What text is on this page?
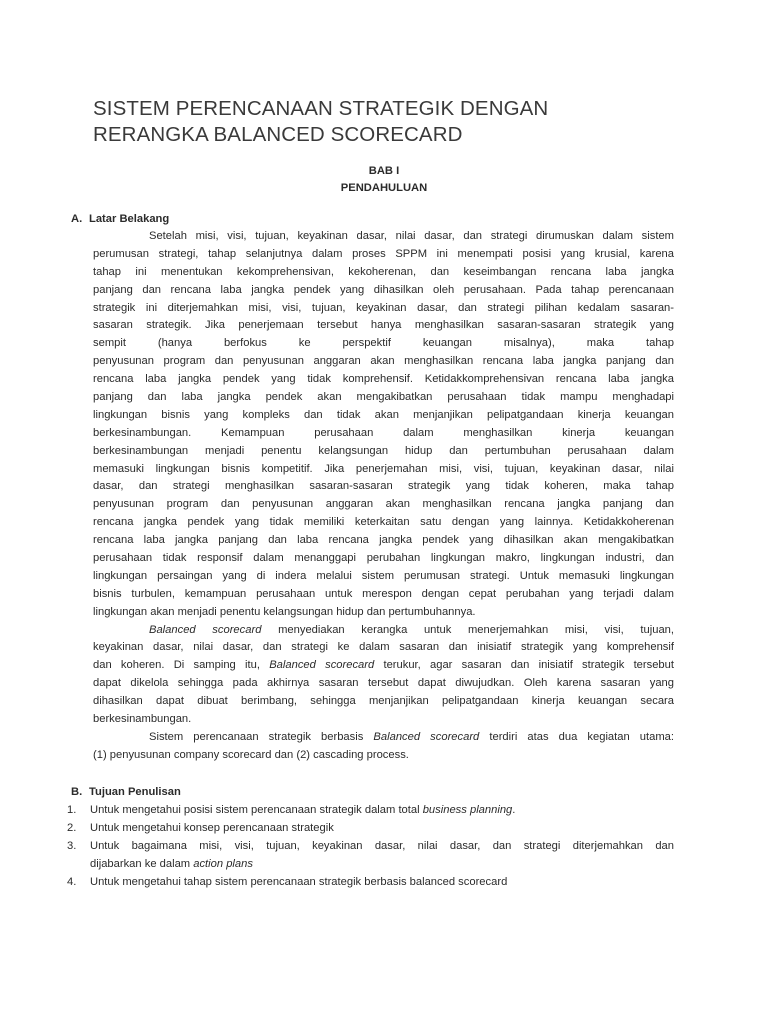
SISTEM PERENCANAAN STRATEGIK DENGAN
RERANGKA BALANCED SCORECARD
BAB I
PENDAHULUAN
A. Latar Belakang
Setelah misi, visi, tujuan, keyakinan dasar, nilai dasar, dan strategi dirumuskan dalam sistem
perumusan strategi, tahap selanjutnya dalam proses SPPM ini menempati posisi yang krusial, karena
tahap ini menentukan kekomprehensivan, kekoherenan, dan keseimbangan rencana laba jangka
panjang dan rencana laba jangka pendek yang dihasilkan oleh perusahaan. Pada tahap perencanaan
strategik ini diterjemahkan misi, visi, tujuan, keyakinan dasar, dan strategi pilihan kedalam sasaran-
sasaran strategik. Jika penerjemaan tersebut hanya menghasilkan sasaran-sasaran strategik yang
sempit (hanya berfokus ke perspektif keuangan misalnya), maka tahap
penyusunan program dan penyusunan anggaran akan menghasilkan rencana laba jangka panjang dan
rencana laba jangka pendek yang tidak komprehensif. Ketidakkomprehensivan rencana laba jangka
panjang dan laba jangka pendek akan mengakibatkan perusahaan tidak mampu menghadapi
lingkungan bisnis yang kompleks dan tidak akan menjanjikan pelipatgandaan kinerja keuangan
berkesinambungan. Kemampuan perusahaan dalam menghasilkan kinerja keuangan
berkesinambungan menjadi penentu kelangsungan hidup dan pertumbuhan perusahaan dalam
memasuki lingkungan bisnis kompetitif. Jika penerjemahan misi, visi, tujuan, keyakinan dasar, nilai
dasar, dan strategi menghasilkan sasaran-sasaran strategik yang tidak koheren, maka tahap
penyusunan program dan penyusunan anggaran akan menghasilkan rencana jangka panjang dan
rencana jangka pendek yang tidak memiliki keterkaitan satu dengan yang lainnya. Ketidakkoherenan
rencana laba jangka panjang dan laba rencana jangka pendek yang dihasilkan akan mengakibatkan
perusahaan tidak responsif dalam menanggapi perubahan lingkungan makro, lingkungan industri, dan
lingkungan persaingan yang di indera melalui sistem perumusan strategi. Untuk memasuki lingkungan
bisnis turbulen, kemampuan perusahaan untuk merespon dengan cepat perubahan yang terjadi dalam
lingkungan akan menjadi penentu kelangsungan hidup dan pertumbuhannya.
Balanced scorecard menyediakan kerangka untuk menerjemahkan misi, visi, tujuan,
keyakinan dasar, nilai dasar, dan strategi ke dalam sasaran dan inisiatif strategik yang komprehensif
dan koheren. Di samping itu, Balanced scorecard terukur, agar sasaran dan inisiatif strategik tersebut
dapat dikelola sehingga pada akhirnya sasaran tersebut dapat diwujudkan. Oleh karena sasaran yang
dihasilkan dapat dibuat berimbang, sehingga menjanjikan pelipatgandaan kinerja keuangan secara
berkesinambungan.
Sistem perencanaan strategik berbasis Balanced scorecard terdiri atas dua kegiatan utama:
(1) penyusunan company scorecard dan (2) cascading process.
B. Tujuan Penulisan
1. Untuk mengetahui posisi sistem perencanaan strategik dalam total business planning.
2. Untuk mengetahui konsep perencanaan strategik
3. Untuk bagaimana misi, visi, tujuan, keyakinan dasar, nilai dasar, dan strategi diterjemahkan dan
dijabarkan ke dalam action plans
4. Untuk mengetahui tahap sistem perencanaan strategik berbasis balanced scorecard
